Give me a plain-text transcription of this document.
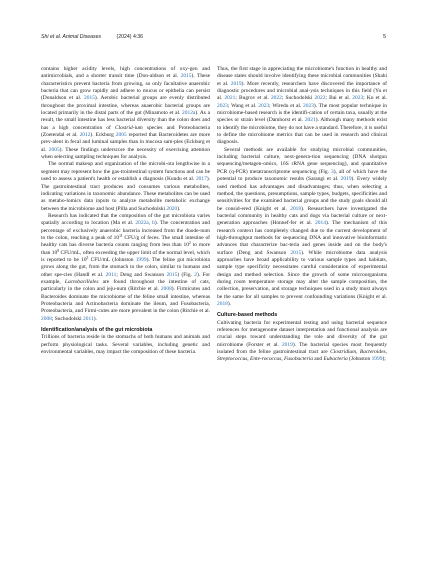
Shi et al. Animal Diseases	(2024) 4:36	5

contains higher acidity levels, high concentrations of oxy-gen and antimicrobials, and a shorter transit time (Don-aldson et al. 2015). These characteristics prevent bacteria from growing, so only facultative anaerobic bacteria that can grow rapidly and adhere to mucus or epithelia can persist (Donaldson et al. 2015). Aerobic bacterial groups are evenly distributed throughout the proximal intestine, whereas anaerobic bacterial groups are located primarily in the distal parts of the gut (Minamoto et al. 2012a). As a result, the small intestine has less bacterial diversity than the colon does and has a high concentration of Clostrid-ium species and Proteobacteria (Zoetendal et al. 2012). Eckburg 2005 reported that Bacteroidetes are more prev-alent in fecal and luminal samples than in mucosa sam-ples (Eckburg et al. 2005). These findings underscore the necessity of exercising attention when selecting sampling techniques for analysis.

The normal makeup and organization of the microbi-ota lengthwise in a segment may represent how the gas-trointestinal system functions and can be used to assess a patient's health or establish a diagnosis (Kundu et al. 2017). The gastrointestinal tract produces and consumes various metabolites, indicating variations in taxonomic abundance. These metabolites can be used as metabo-lomics data inputs to analyze metabolite metabolic exchange between the microbiome and host (Pilla and Suchodolski 2020).

Research has indicated that the composition of the gut microbiota varies spatially according to location (Ma et al. 2022a, b). The concentration and percentage of exclusively anaerobic bacteria increased from the duode-num to the colon, reaching a peak of $10^{11}$ CFU/g of feces. The small intestine of healthy cats has diverse bacteria counts ranging from less than $10^2$ to more than $10^8$ CFU/mL, often exceeding the upper limit of the normal level, which is reported to be $10^5$ CFU/mL (Johnston 1999). The feline gut microbiota grows along the gut, from the stomach to the colon, similar to humans and other spe-cies (Handl et al. 2011; Deng and Swanson 2015) (Fig. 2). For example, Lactobacillales are found throughout the intestine of cats, particularly in the colon and jeju-num (Ritchie et al. 2008). Firmicutes and Bacteroides dominate the microbiome of the feline small intestine, whereas Proteobacteria and Actinobacteria dominate the ileum, and Fusobacteria, Proteobacteria, and Firmi-cutes are more prevalent in the colon (Ritchie et al. 2008; Suchodolski 2011).

Identification/analysis of the gut microbiota

Trillions of bacteria reside in the stomachs of both humans and animals and perform physiological tasks. Several variables, including genetic and environmental variables, may impact the composition of these bacteria.

Thus, the first stage in appreciating the microbiome's function in healthy and disease states should involve identifying these microbial communities (Shahi et al. 2019). More recently, researchers have discovered the importance of diagnostic procedures and microbial anal-ysis techniques in this field (Yu et al. 2021; Bugrov et al. 2022; Suchodolski 2022; Bai et al. 2023; Ko et al. 2023; Wang et al. 2023; Wiredu et al. 2023). The most popular technique in microbiome-based research is the identifi-cation of certain taxa, usually at the species or strain level (Damhorst et al. 2021). Although many methods exist to identify the microbiome, they do not have a standard. Therefore, it is useful to define the microbiome metrics that can be used in research and clinical diagnosis.

Several methods are available for studying microbial communities, including bacterial culture, next-genera-tion sequencing (DNA shotgun sequencing/metagen-omics, 16S rRNA gene sequencing), and quantitative PCR (q-PCR) metatranscriptome sequencing (Fig. 3), all of which have the potential to produce taxonomic results (Sarangi et al. 2019). Every widely used method has advantages and disadvantages; thus, when selecting a method, the questions, presumptions, sample types, budgets, specificities and sensitivities for the examined bacterial groups and the study goals should all be consid-ered (Knight et al. 2018). Researchers have investigated the bacterial community in healthy cats and dogs via bacterial culture or next-generation approaches (Honnef-fer et al. 2014). The mechanism of this research context has completely changed due to the current development of high-throughput methods for sequencing DNA and innovative bioinformatic advances that characterize bac-teria and genes inside and on the body's surface (Deng and Swanson 2015). While microbiome data analysis approaches have broad applicability to various sample types and habitats, sample type specificity necessitates careful consideration of experimental design and method selection. Since the growth of some microorganisms during room temperature storage may alter the sample composition, the collection, preservation, and storage techniques used in a study must always be the same for all samples to prevent confounding variations (Knight et al. 2018).

Culture-based methods

Cultivating bacteria for experimental testing and using bacterial sequence references for metagenome dataset interpretation and functional analysis are crucial steps toward understanding the role and diversity of the gut microbiome (Forster et al. 2019). The bacterial species most frequently isolated from the feline gastrointestinal tract are Clostridium, Bacteroides, Streptococcus, Ente-rococcus, Fusobacteria and Eubacteria (Johnston 1999);
